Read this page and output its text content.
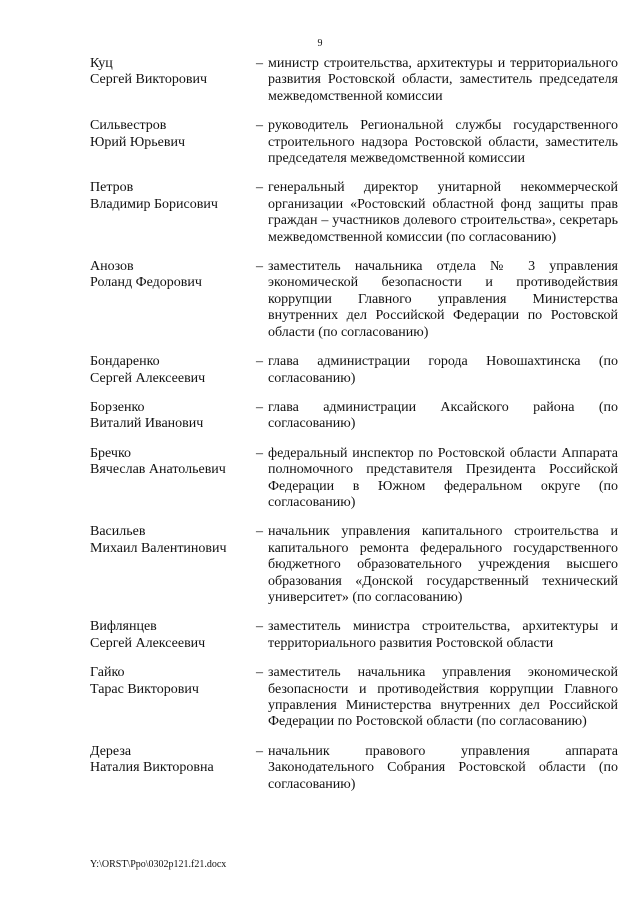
9
Куц
Сергей Викторович
– министр строительства, архитектуры и территориального развития Ростовской области, заместитель председателя межведомственной комиссии
Сильвестров
Юрий Юрьевич
– руководитель Региональной службы государственного строительного надзора Ростовской области, заместитель председателя межведомственной комиссии
Петров
Владимир Борисович
– генеральный директор унитарной некоммерческой организации «Ростовский областной фонд защиты прав граждан – участников долевого строительства», секретарь межведомственной комиссии (по согласованию)
Анозов
Роланд Федорович
– заместитель начальника отдела № 3 управления экономической безопасности и противодействия коррупции Главного управления Министерства внутренних дел Российской Федерации по Ростовской области (по согласованию)
Бондаренко
Сергей Алексеевич
– глава администрации города Новошахтинска (по согласованию)
Борзенко
Виталий Иванович
– глава администрации Аксайского района (по согласованию)
Бречко
Вячеслав Анатольевич
– федеральный инспектор по Ростовской области Аппарата полномочного представителя Президента Российской Федерации в Южном федеральном округе (по согласованию)
Васильев
Михаил Валентинович
– начальник управления капитального строительства и капитального ремонта федерального государственного бюджетного образовательного учреждения высшего образования «Донской государственный технический университет» (по согласованию)
Вифлянцев
Сергей Алексеевич
– заместитель министра строительства, архитектуры и территориального развития Ростовской области
Гайко
Тарас Викторович
– заместитель начальника управления экономической безопасности и противодействия коррупции Главного управления Министерства внутренних дел Российской Федерации по Ростовской области (по согласованию)
Дереза
Наталия Викторовна
– начальник правового управления аппарата Законодательного Собрания Ростовской области (по согласованию)
Y:\ORST\Ppo\0302p121.f21.docx
